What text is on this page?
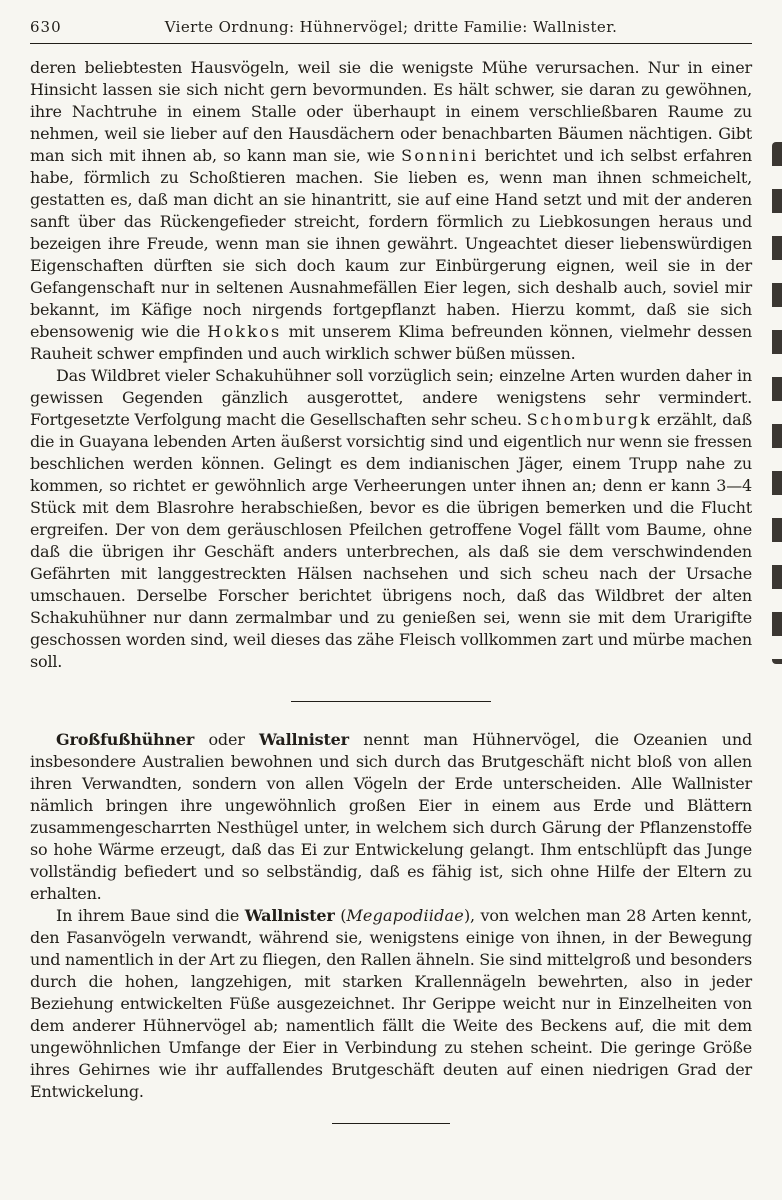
630	Vierte Ordnung: Hühnervögel; dritte Familie: Wallnister.

deren beliebtesten Hausvögeln, weil sie die wenigste Mühe verursachen. Nur in einer Hinsicht lassen sie sich nicht gern bevormunden. Es hält schwer, sie daran zu gewöhnen, ihre Nachtruhe in einem Stalle oder überhaupt in einem verschließbaren Raume zu nehmen, weil sie lieber auf den Hausdächern oder benachbarten Bäumen nächtigen. Gibt man sich mit ihnen ab, so kann man sie, wie Sonnini berichtet und ich selbst erfahren habe, förmlich zu Schoßtieren machen. Sie lieben es, wenn man ihnen schmeichelt, gestatten es, daß man dicht an sie hinantritt, sie auf eine Hand setzt und mit der anderen sanft über das Rückengefieder streicht, fordern förmlich zu Liebkosungen heraus und bezeigen ihre Freude, wenn man sie ihnen gewährt. Ungeachtet dieser liebenswürdigen Eigenschaften dürften sie sich doch kaum zur Einbürgerung eignen, weil sie in der Gefangenschaft nur in seltenen Ausnahmefällen Eier legen, sich deshalb auch, soviel mir bekannt, im Käfige noch nirgends fortgepflanzt haben. Hierzu kommt, daß sie sich ebensowenig wie die Hokkos mit unserem Klima befreunden können, vielmehr dessen Rauheit schwer empfinden und auch wirklich schwer büßen müssen.

Das Wildbret vieler Schakuhühner soll vorzüglich sein; einzelne Arten wurden daher in gewissen Gegenden gänzlich ausgerottet, andere wenigstens sehr vermindert. Fortgesetzte Verfolgung macht die Gesellschaften sehr scheu. Schomburgk erzählt, daß die in Guayana lebenden Arten äußerst vorsichtig sind und eigentlich nur wenn sie fressen beschlichen werden können. Gelingt es dem indianischen Jäger, einem Trupp nahe zu kommen, so richtet er gewöhnlich arge Verheerungen unter ihnen an; denn er kann 3—4 Stück mit dem Blasrohre herabschießen, bevor es die übrigen bemerken und die Flucht ergreifen. Der von dem geräuschlosen Pfeilchen getroffene Vogel fällt vom Baume, ohne daß die übrigen ihr Geschäft anders unterbrechen, als daß sie dem verschwindenden Gefährten mit langgestreckten Hälsen nachsehen und sich scheu nach der Ursache umschauen. Derselbe Forscher berichtet übrigens noch, daß das Wildbret der alten Schakuhühner nur dann zermalmbar und zu genießen sei, wenn sie mit dem Urarigifte geschossen worden sind, weil dieses das zähe Fleisch vollkommen zart und mürbe machen soll.

Großfußhühner oder Wallnister nennt man Hühnervögel, die Ozeanien und insbesondere Australien bewohnen und sich durch das Brutgeschäft nicht bloß von allen ihren Verwandten, sondern von allen Vögeln der Erde unterscheiden. Alle Wallnister nämlich bringen ihre ungewöhnlich großen Eier in einem aus Erde und Blättern zusammengescharrten Nesthügel unter, in welchem sich durch Gärung der Pflanzenstoffe so hohe Wärme erzeugt, daß das Ei zur Entwickelung gelangt. Ihm entschlüpft das Junge vollständig befiedert und so selbständig, daß es fähig ist, sich ohne Hilfe der Eltern zu erhalten.

In ihrem Baue sind die Wallnister (Megapodiidae), von welchen man 28 Arten kennt, den Fasanvögeln verwandt, während sie, wenigstens einige von ihnen, in der Bewegung und namentlich in der Art zu fliegen, den Rallen ähneln. Sie sind mittelgroß und besonders durch die hohen, langzehigen, mit starken Krallennägeln bewehrten, also in jeder Beziehung entwickelten Füße ausgezeichnet. Ihr Gerippe weicht nur in Einzelheiten von dem anderer Hühnervögel ab; namentlich fällt die Weite des Beckens auf, die mit dem ungewöhnlichen Umfange der Eier in Verbindung zu stehen scheint. Die geringe Größe ihres Gehirnes wie ihr auffallendes Brutgeschäft deuten auf einen niedrigen Grad der Entwickelung.
